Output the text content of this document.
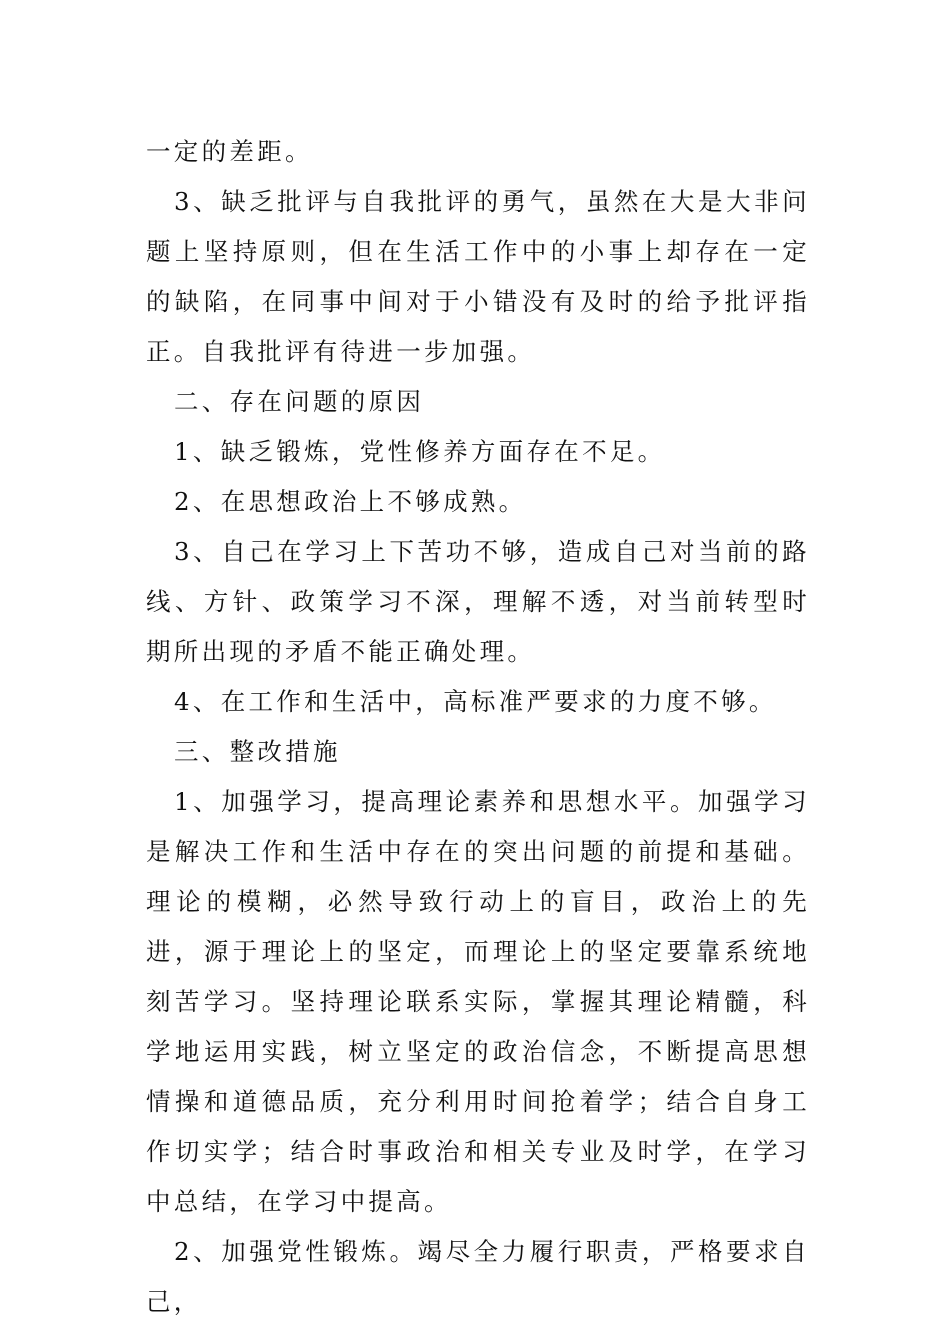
一定的差距。

3、缺乏批评与自我批评的勇气，虽然在大是大非问题上坚持原则，但在生活工作中的小事上却存在一定的缺陷，在同事中间对于小错没有及时的给予批评指正。自我批评有待进一步加强。

二、存在问题的原因

1、缺乏锻炼，党性修养方面存在不足。

2、在思想政治上不够成熟。

3、自己在学习上下苦功不够，造成自己对当前的路线、方针、政策学习不深，理解不透，对当前转型时期所出现的矛盾不能正确处理。

4、在工作和生活中，高标准严要求的力度不够。

三、整改措施

1、加强学习，提高理论素养和思想水平。加强学习是解决工作和生活中存在的突出问题的前提和基础。理论的模糊，必然导致行动上的盲目，政治上的先进，源于理论上的坚定，而理论上的坚定要靠系统地刻苦学习。坚持理论联系实际，掌握其理论精髓，科学地运用实践，树立坚定的政治信念，不断提高思想情操和道德品质，充分利用时间抢着学；结合自身工作切实学；结合时事政治和相关专业及时学，在学习中总结，在学习中提高。

2、加强党性锻炼。竭尽全力履行职责，严格要求自己，
